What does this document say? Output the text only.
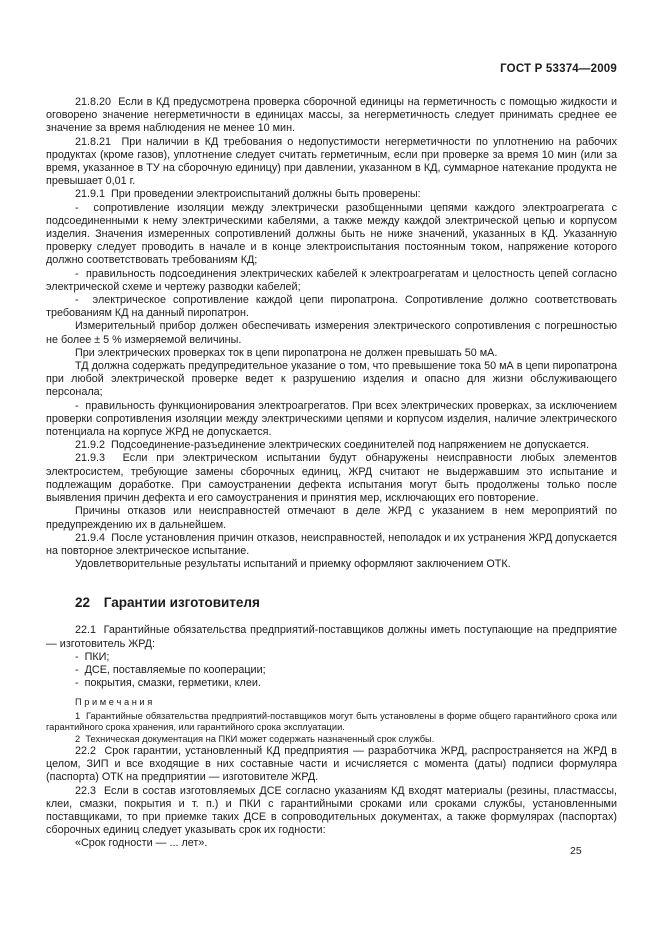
ГОСТ Р 53374—2009

21.8.20  Если в КД предусмотрена проверка сборочной единицы на герметичность с помощью жидкости и оговорено значение негерметичности в единицах массы, за негерметичность следует принимать среднее ее значение за время наблюдения не менее 10 мин.

21.8.21  При наличии в КД требования о недопустимости негерметичности по уплотнению на рабочих продуктах (кроме газов), уплотнение следует считать герметичным, если при проверке за время 10 мин (или за время, указанное в ТУ на сборочную единицу) при давлении, указанном в КД, суммарное натекание продукта не превышает 0,01 г.

21.9.1  При проведении электроиспытаний должны быть проверены:

-  сопротивление изоляции между электрически разобщенными цепями каждого электроагрегата с подсоединенными к нему электрическими кабелями, а также между каждой электрической цепью и корпусом изделия. Значения измеренных сопротивлений должны быть не ниже значений, указанных в КД. Указанную проверку следует проводить в начале и в конце электроиспытания постоянным током, напряжение которого должно соответствовать требованиям КД;

-  правильность подсоединения электрических кабелей к электроагрегатам и целостность цепей согласно электрической схеме и чертежу разводки кабелей;

-  электрическое сопротивление каждой цепи пиропатрона. Сопротивление должно соответствовать требованиям КД на данный пиропатрон.

Измерительный прибор должен обеспечивать измерения электрического сопротивления с погрешностью не более ± 5 % измеряемой величины.

При электрических проверках ток в цепи пиропатрона не должен превышать 50 мА.

ТД должна содержать предупредительное указание о том, что превышение тока 50 мА в цепи пиропатрона при любой электрической проверке ведет к разрушению изделия и опасно для жизни обслуживающего персонала;

-  правильность функционирования электроагрегатов. При всех электрических проверках, за исключением проверки сопротивления изоляции между электрическими цепями и корпусом изделия, наличие электрического потенциала на корпусе ЖРД не допускается.

21.9.2  Подсоединение-разъединение электрических соединителей под напряжением не допускается.

21.9.3  Если при электрическом испытании будут обнаружены неисправности любых элементов электросистем, требующие замены сборочных единиц, ЖРД считают не выдержавшим это испытание и подлежащим доработке. При самоустранении дефекта испытания могут быть продолжены только после выявления причин дефекта и его самоустранения и принятия мер, исключающих его повторение.

Причины отказов или неисправностей отмечают в деле ЖРД с указанием в нем мероприятий по предупреждению их в дальнейшем.

21.9.4  После установления причин отказов, неисправностей, неполадок и их устранения ЖРД допускается на повторное электрическое испытание.

Удовлетворительные результаты испытаний и приемку оформляют заключением ОТК.

22 Гарантии изготовителя

22.1  Гарантийные обязательства предприятий-поставщиков должны иметь поступающие на предприятие — изготовитель ЖРД:

-  ПКИ;

-  ДСЕ, поставляемые по кооперации;

-  покрытия, смазки, герметики, клеи.

П р и м е ч а н и я

1  Гарантийные обязательства предприятий-поставщиков могут быть установлены в форме общего гарантийного срока или гарантийного срока хранения, или гарантийного срока эксплуатации.

2  Техническая документация на ПКИ может содержать назначенный срок службы.

22.2  Срок гарантии, установленный КД предприятия — разработчика ЖРД, распространяется на ЖРД в целом, ЗИП и все входящие в них составные части и исчисляется с момента (даты) подписи формуляра (паспорта) ОТК на предприятии — изготовителе ЖРД.

22.3  Если в состав изготовляемых ДСЕ согласно указаниям КД входят материалы (резины, пластмассы, клеи, смазки, покрытия и т. п.) и ПКИ с гарантийными сроками или сроками службы, установленными поставщиками, то при приемке таких ДСЕ в сопроводительных документах, а также формулярах (паспортах) сборочных единиц следует указывать срок их годности:

«Срок годности — ... лет».

25
